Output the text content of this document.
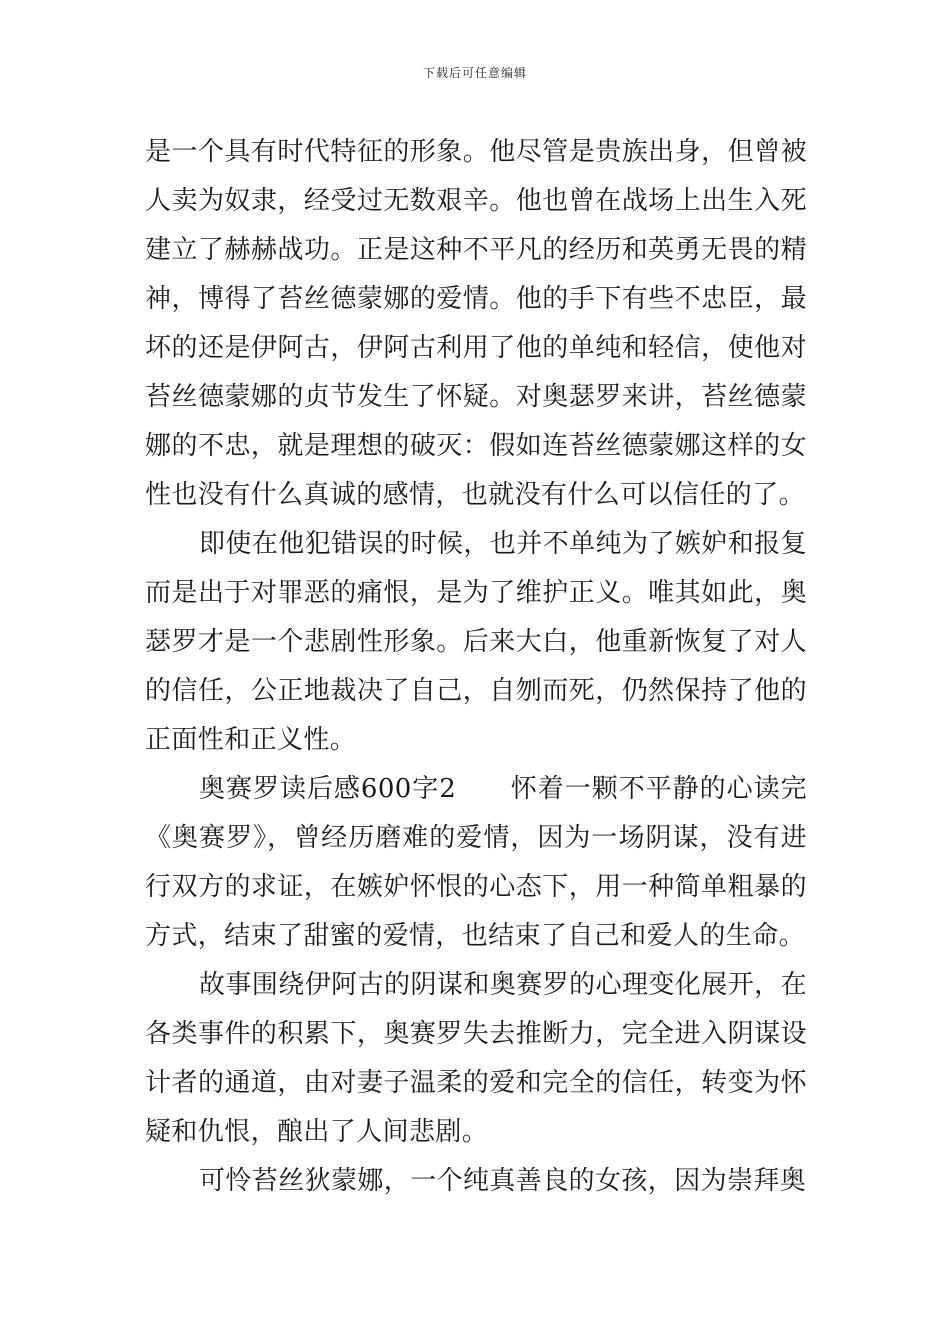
下载后可任意编辑

是一个具有时代特征的形象。他尽管是贵族出身，但曾被人卖为奴隶，经受过无数艰辛。他也曾在战场上出生入死建立了赫赫战功。正是这种不平凡的经历和英勇无畏的精神，博得了苔丝德蒙娜的爱情。他的手下有些不忠臣，最坏的还是伊阿古，伊阿古利用了他的单纯和轻信，使他对苔丝德蒙娜的贞节发生了怀疑。对奥瑟罗来讲，苔丝德蒙娜的不忠，就是理想的破灭：假如连苔丝德蒙娜这样的女性也没有什么真诚的感情，也就没有什么可以信任的了。

即使在他犯错误的时候，也并不单纯为了嫉妒和报复而是出于对罪恶的痛恨，是为了维护正义。唯其如此，奥瑟罗才是一个悲剧性形象。后来大白，他重新恢复了对人的信任，公正地裁决了自己，自刎而死，仍然保持了他的正面性和正义性。

奥赛罗读后感600字2　　怀着一颗不平静的心读完《奥赛罗》，曾经历磨难的爱情，因为一场阴谋，没有进行双方的求证，在嫉妒怀恨的心态下，用一种简单粗暴的方式，结束了甜蜜的爱情，也结束了自己和爱人的生命。

故事围绕伊阿古的阴谋和奥赛罗的心理变化展开，在各类事件的积累下，奥赛罗失去推断力，完全进入阴谋设计者的通道，由对妻子温柔的爱和完全的信任，转变为怀疑和仇恨，酿出了人间悲剧。

可怜苔丝狄蒙娜，一个纯真善良的女孩，因为崇拜奥
